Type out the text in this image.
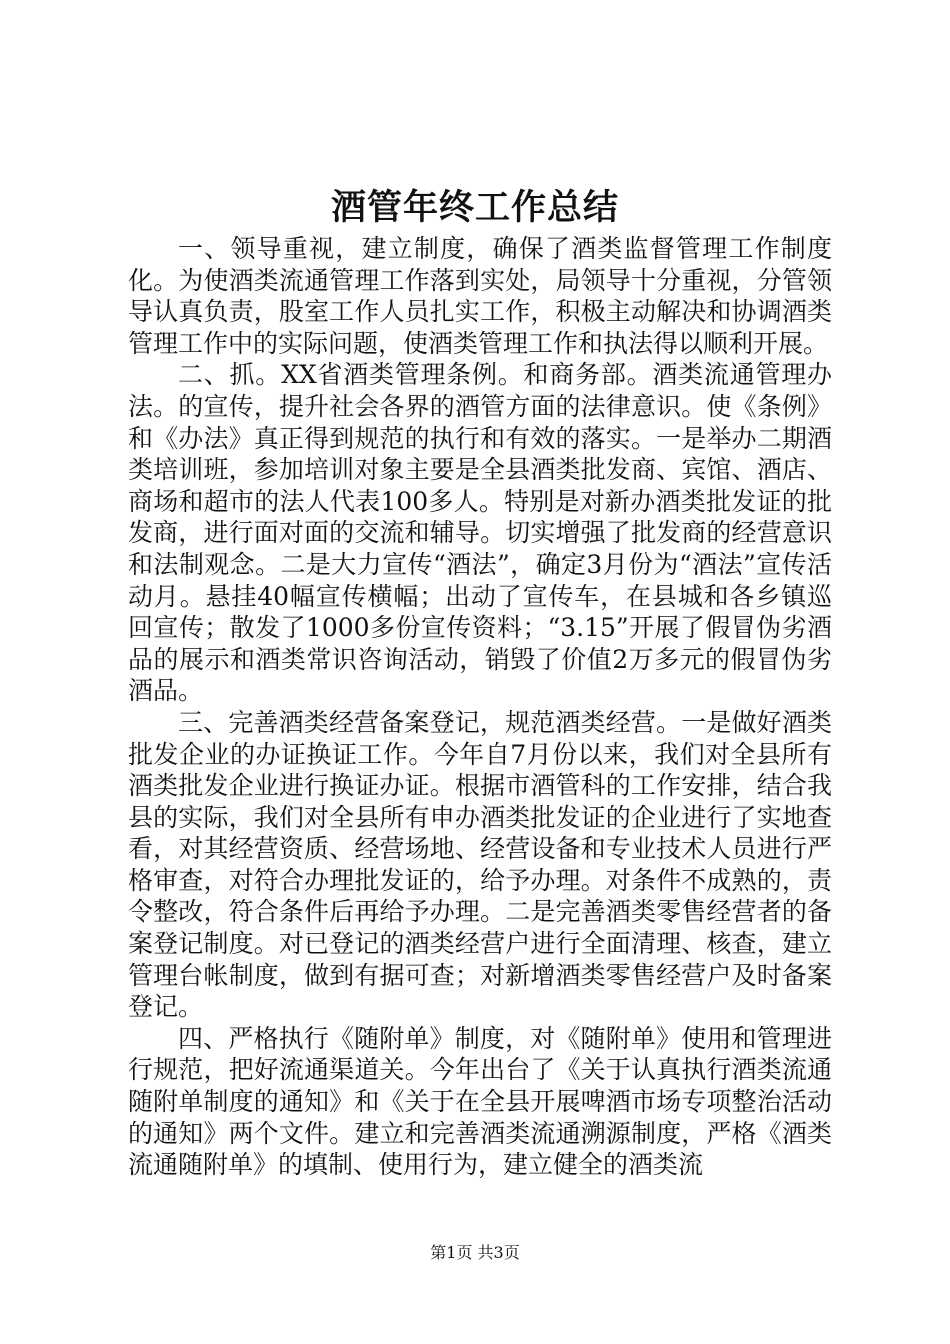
酒管年终工作总结

一、领导重视，建立制度，确保了酒类监督管理工作制度化。为使酒类流通管理工作落到实处，局领导十分重视，分管领导认真负责，股室工作人员扎实工作，积极主动解决和协调酒类管理工作中的实际问题，使酒类管理工作和执法得以顺利开展。

二、抓。XX省酒类管理条例。和商务部。酒类流通管理办法。的宣传，提升社会各界的酒管方面的法律意识。使《条例》和《办法》真正得到规范的执行和有效的落实。一是举办二期酒类培训班，参加培训对象主要是全县酒类批发商、宾馆、酒店、商场和超市的法人代表100多人。特别是对新办酒类批发证的批发商，进行面对面的交流和辅导。切实增强了批发商的经营意识和法制观念。二是大力宣传“酒法”，确定3月份为“酒法”宣传活动月。悬挂40幅宣传横幅；出动了宣传车，在县城和各乡镇巡回宣传；散发了1000多份宣传资料；“3.15”开展了假冒伪劣酒品的展示和酒类常识咨询活动，销毁了价值2万多元的假冒伪劣酒品。

三、完善酒类经营备案登记，规范酒类经营。一是做好酒类批发企业的办证换证工作。今年自7月份以来，我们对全县所有酒类批发企业进行换证办证。根据市酒管科的工作安排，结合我县的实际，我们对全县所有申办酒类批发证的企业进行了实地查看，对其经营资质、经营场地、经营设备和专业技术人员进行严格审查，对符合办理批发证的，给予办理。对条件不成熟的，责令整改，符合条件后再给予办理。二是完善酒类零售经营者的备案登记制度。对已登记的酒类经营户进行全面清理、核查，建立管理台帐制度，做到有据可查；对新增酒类零售经营户及时备案登记。

四、严格执行《随附单》制度，对《随附单》使用和管理进行规范，把好流通渠道关。今年出台了《关于认真执行酒类流通随附单制度的通知》和《关于在全县开展啤酒市场专项整治活动的通知》两个文件。建立和完善酒类流通溯源制度，严格《酒类流通随附单》的填制、使用行为，建立健全的酒类流

第1页 共3页
